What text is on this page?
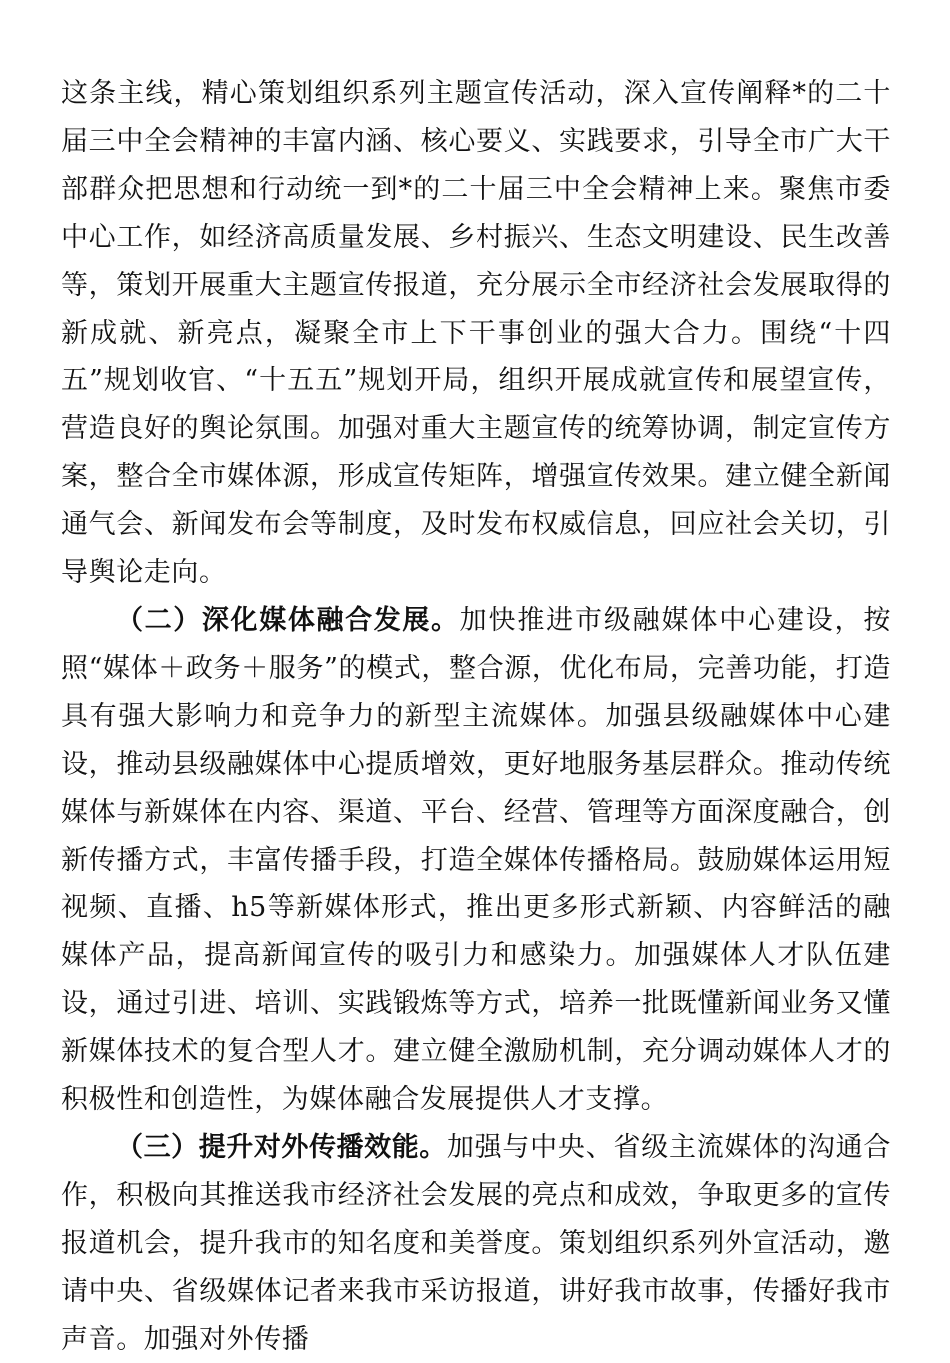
这条主线，精心策划组织系列主题宣传活动，深入宣传阐释*的二十届三中全会精神的丰富内涵、核心要义、实践要求，引导全市广大干部群众把思想和行动统一到*的二十届三中全会精神上来。聚焦市委中心工作，如经济高质量发展、乡村振兴、生态文明建设、民生改善等，策划开展重大主题宣传报道，充分展示全市经济社会发展取得的新成就、新亮点，凝聚全市上下干事创业的强大合力。围绕“十四五”规划收官、“十五五”规划开局，组织开展成就宣传和展望宣传，营造良好的舆论氛围。加强对重大主题宣传的统筹协调，制定宣传方案，整合全市媒体源，形成宣传矩阵，增强宣传效果。建立健全新闻通气会、新闻发布会等制度，及时发布权威信息，回应社会关切，引导舆论走向。

（二）深化媒体融合发展。加快推进市级融媒体中心建设，按照“媒体＋政务＋服务”的模式，整合源，优化布局，完善功能，打造具有强大影响力和竞争力的新型主流媒体。加强县级融媒体中心建设，推动县级融媒体中心提质增效，更好地服务基层群众。推动传统媒体与新媒体在内容、渠道、平台、经营、管理等方面深度融合，创新传播方式，丰富传播手段，打造全媒体传播格局。鼓励媒体运用短视频、直播、h5等新媒体形式，推出更多形式新颖、内容鲜活的融媒体产品，提高新闻宣传的吸引力和感染力。加强媒体人才队伍建设，通过引进、培训、实践锻炼等方式，培养一批既懂新闻业务又懂新媒体技术的复合型人才。建立健全激励机制，充分调动媒体人才的积极性和创造性，为媒体融合发展提供人才支撑。

（三）提升对外传播效能。加强与中央、省级主流媒体的沟通合作，积极向其推送我市经济社会发展的亮点和成效，争取更多的宣传报道机会，提升我市的知名度和美誉度。策划组织系列外宣活动，邀请中央、省级媒体记者来我市采访报道，讲好我市故事，传播好我市声音。加强对外传播
